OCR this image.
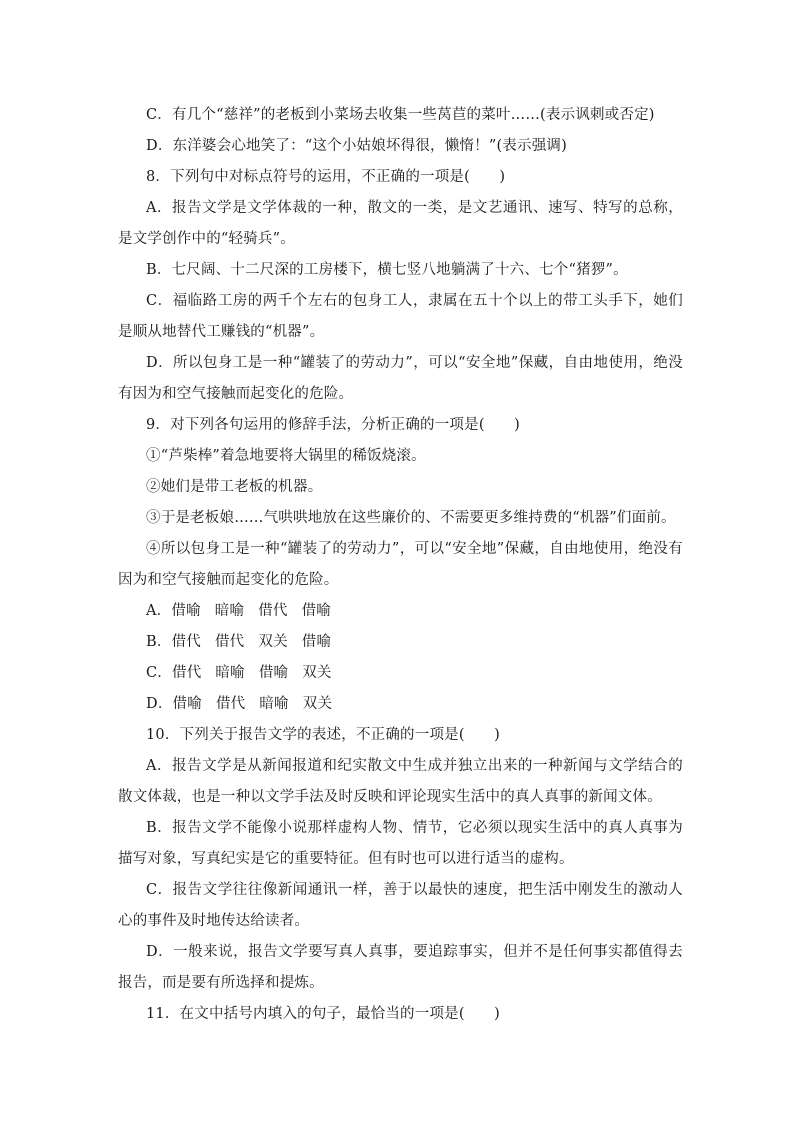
C．有几个“慈祥”的老板到小菜场去收集一些莴苣的菜叶……(表示讽刺或否定)

D．东洋婆会心地笑了：“这个小姑娘坏得很，懒惰！”(表示强调)

8．下列句中对标点符号的运用，不正确的一项是(　　)

A．报告文学是文学体裁的一种，散文的一类，是文艺通讯、速写、特写的总称，是文学创作中的“轻骑兵”。

B．七尺阔、十二尺深的工房楼下，横七竖八地躺满了十六、七个“猪猡”。

C．福临路工房的两千个左右的包身工人，隶属在五十个以上的带工头手下，她们是顺从地替代工赚钱的“机器”。

D．所以包身工是一种“罐装了的劳动力”，可以“安全地”保藏，自由地使用，绝没有因为和空气接触而起变化的危险。

9．对下列各句运用的修辞手法，分析正确的一项是(　　)

①“芦柴棒”着急地要将大锅里的稀饭烧滚。

②她们是带工老板的机器。

③于是老板娘……气哄哄地放在这些廉价的、不需要更多维持费的“机器”们面前。

④所以包身工是一种“罐装了的劳动力”，可以“安全地”保藏，自由地使用，绝没有因为和空气接触而起变化的危险。

A．借喻 暗喻 借代 借喻

B．借代 借代 双关 借喻

C．借代 暗喻 借喻 双关

D．借喻 借代 暗喻 双关

10．下列关于报告文学的表述，不正确的一项是(　　)

A．报告文学是从新闻报道和纪实散文中生成并独立出来的一种新闻与文学结合的散文体裁，也是一种以文学手法及时反映和评论现实生活中的真人真事的新闻文体。

B．报告文学不能像小说那样虚构人物、情节，它必须以现实生活中的真人真事为描写对象，写真纪实是它的重要特征。但有时也可以进行适当的虚构。

C．报告文学往往像新闻通讯一样，善于以最快的速度，把生活中刚发生的激动人心的事件及时地传达给读者。

D．一般来说，报告文学要写真人真事，要追踪事实，但并不是任何事实都值得去报告，而是要有所选择和提炼。

11．在文中括号内填入的句子，最恰当的一项是(　　)
